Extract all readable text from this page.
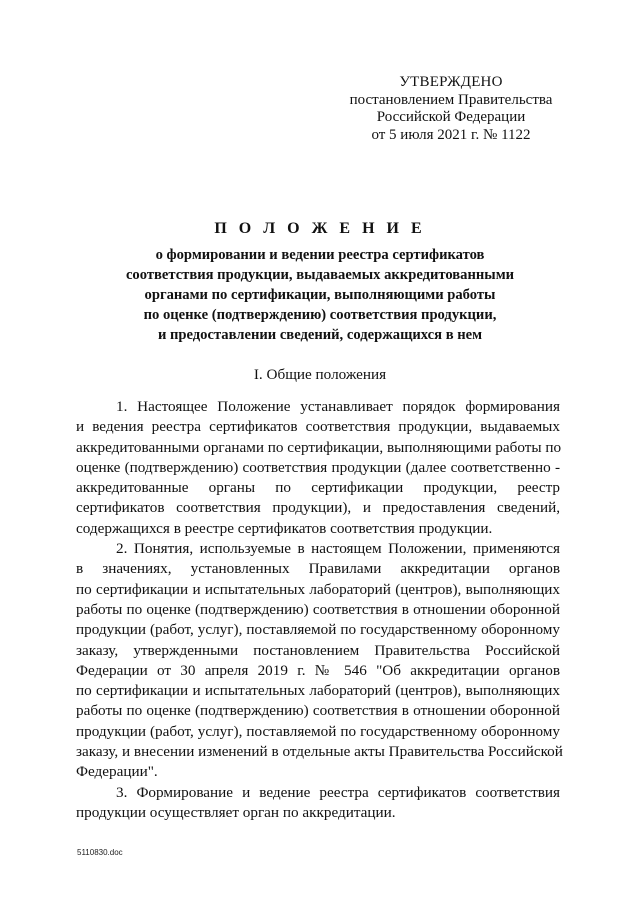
УТВЕРЖДЕНО
постановлением Правительства
Российской Федерации
от 5 июля 2021 г. № 1122
П О Л О Ж Е Н И Е
о формировании и ведении реестра сертификатов
соответствия продукции, выдаваемых аккредитованными
органами по сертификации, выполняющими работы
по оценке (подтверждению) соответствия продукции,
и предоставлении сведений, содержащихся в нем
I. Общие положения
1. Настоящее Положение устанавливает порядок формирования
и ведения реестра сертификатов соответствия продукции, выдаваемых
аккредитованными органами по сертификации, выполняющими работы по
оценке (подтверждению) соответствия продукции (далее соответственно -
аккредитованные органы по сертификации продукции, реестр
сертификатов соответствия продукции), и предоставления сведений,
содержащихся в реестре сертификатов соответствия продукции.
2. Понятия, используемые в настоящем Положении, применяются
в значениях, установленных Правилами аккредитации органов
по сертификации и испытательных лабораторий (центров), выполняющих
работы по оценке (подтверждению) соответствия в отношении оборонной
продукции (работ, услуг), поставляемой по государственному оборонному
заказу, утвержденными постановлением Правительства Российской
Федерации от 30 апреля 2019 г. № 546 "Об аккредитации органов
по сертификации и испытательных лабораторий (центров), выполняющих
работы по оценке (подтверждению) соответствия в отношении оборонной
продукции (работ, услуг), поставляемой по государственному оборонному
заказу, и внесении изменений в отдельные акты Правительства Российской
Федерации".
3. Формирование и ведение реестра сертификатов соответствия
продукции осуществляет орган по аккредитации.
5110830.doc
